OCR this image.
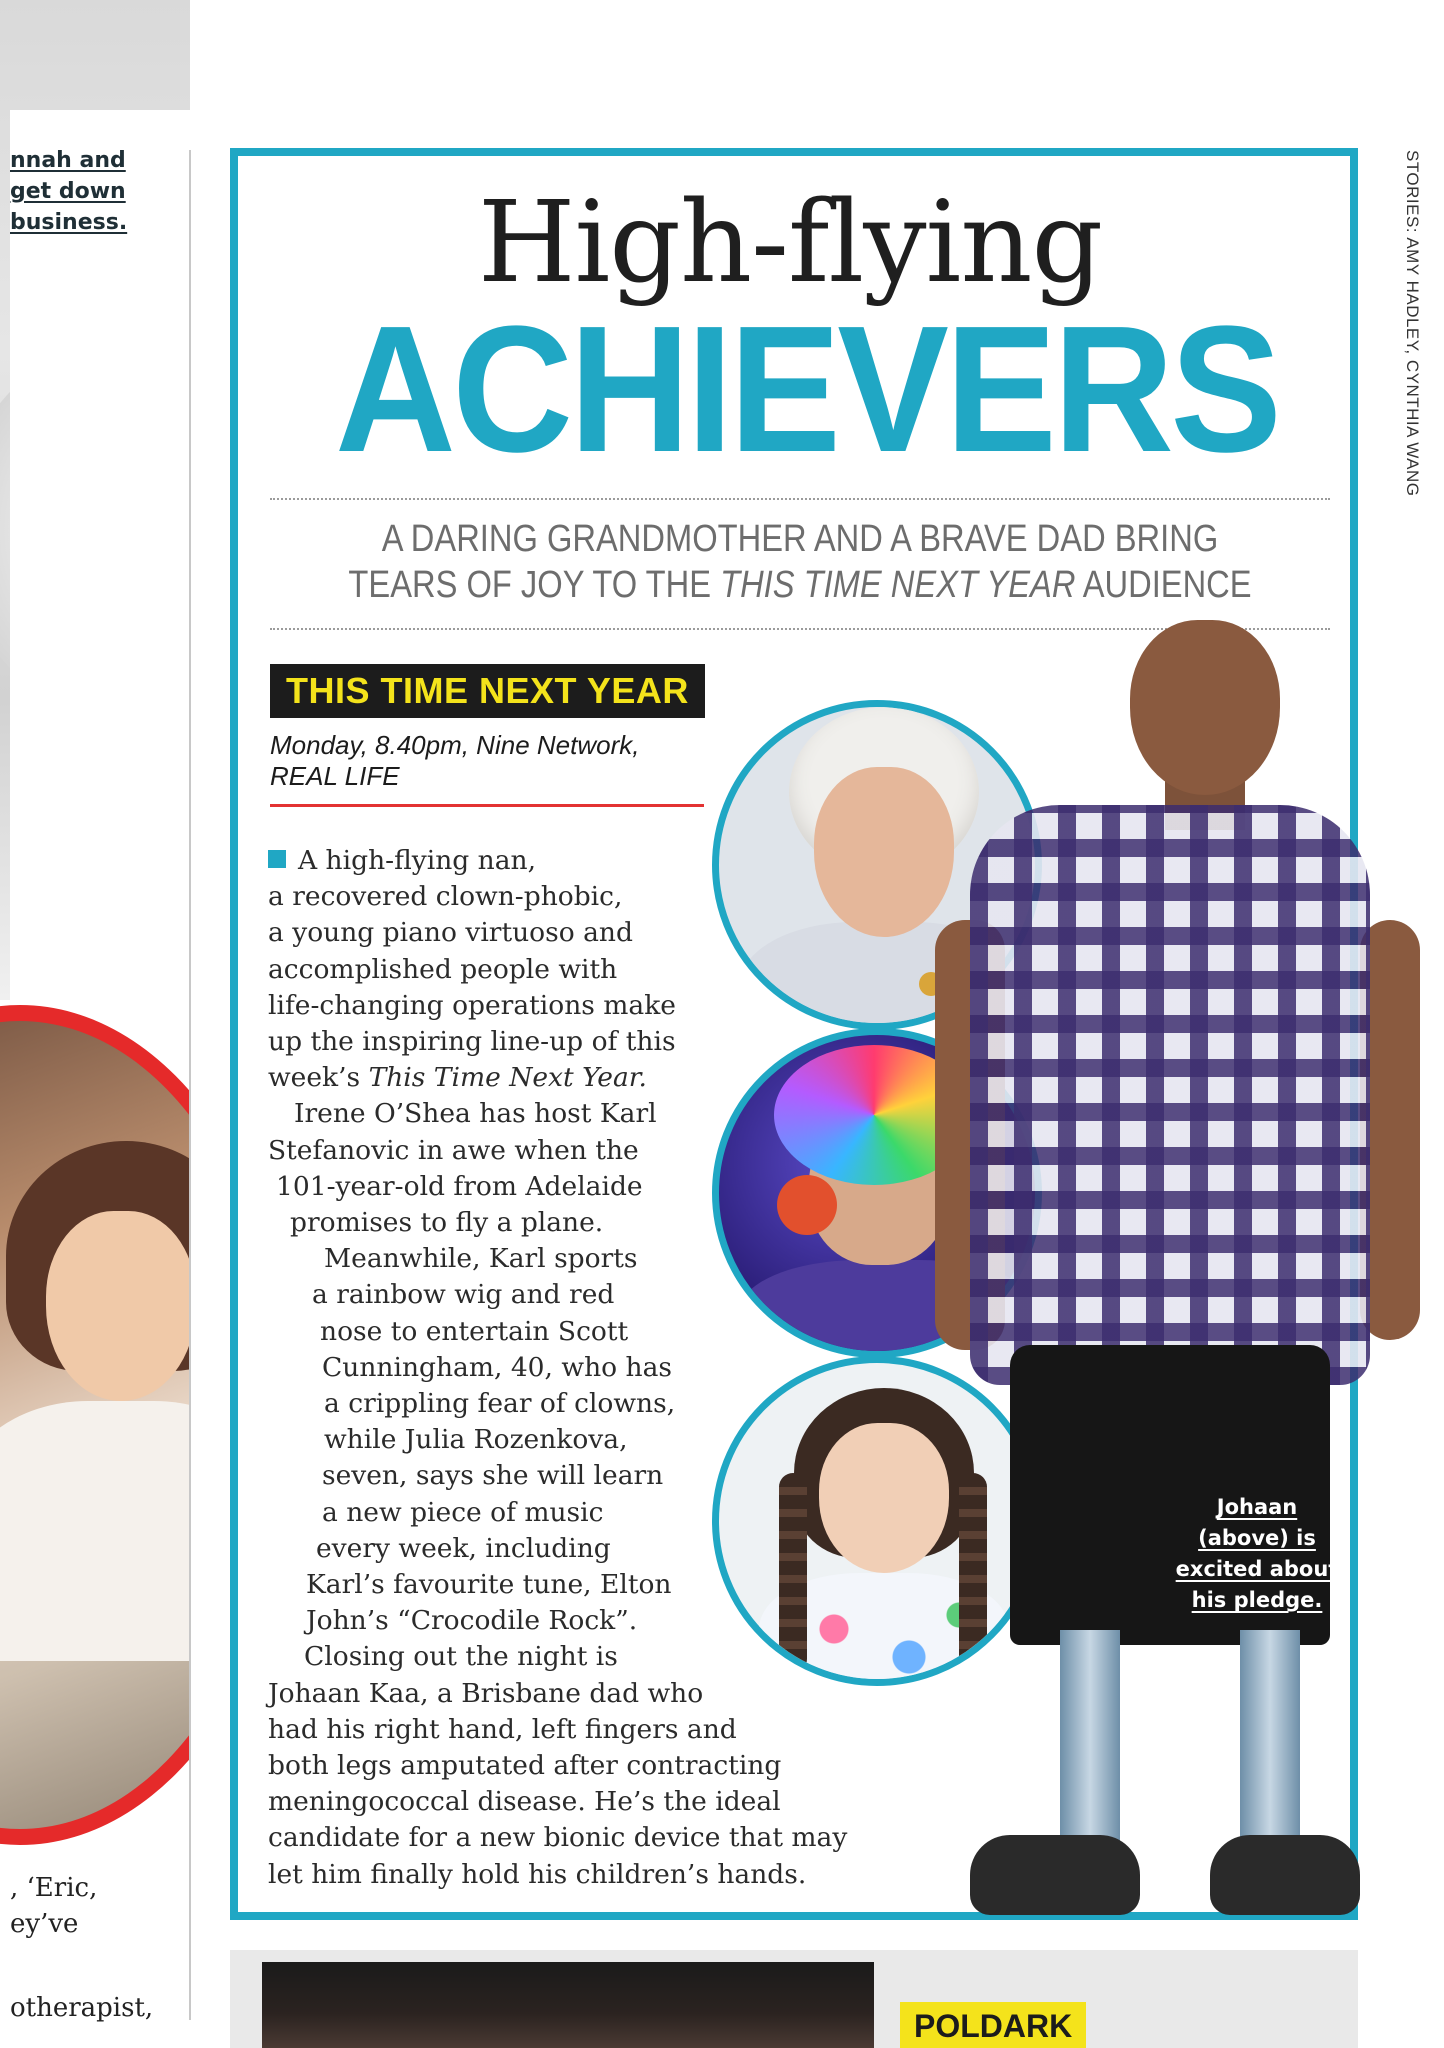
nnah and
get down
business.
, ‘Eric,
ey’ve
otherapist,
STORIES: AMY HADLEY, CYNTHIA WANG
High-flying
ACHIEVERS
A DARING GRANDMOTHER AND A BRAVE DAD BRING
TEARS OF JOY TO THE THIS TIME NEXT YEAR AUDIENCE
THIS TIME NEXT YEAR
Monday, 8.40pm, Nine Network,
REAL LIFE
A high-flying nan,
a recovered clown-phobic,
a young piano virtuoso and
accomplished people with
life-changing operations make
up the inspiring line-up of this
week’s This Time Next Year.
Irene O’Shea has host Karl
Stefanovic in awe when the
101-year-old from Adelaide
promises to fly a plane.
Meanwhile, Karl sports
a rainbow wig and red
nose to entertain Scott
Cunningham, 40, who has
a crippling fear of clowns,
while Julia Rozenkova,
seven, says she will learn
a new piece of music
every week, including
Karl’s favourite tune, Elton
John’s “Crocodile Rock”.
Closing out the night is
Johaan Kaa, a Brisbane dad who
had his right hand, left fingers and
both legs amputated after contracting
meningococcal disease. He’s the ideal
candidate for a new bionic device that may
let him finally hold his children’s hands.
Johaan
(above) is
excited about
his pledge.
POLDARK
